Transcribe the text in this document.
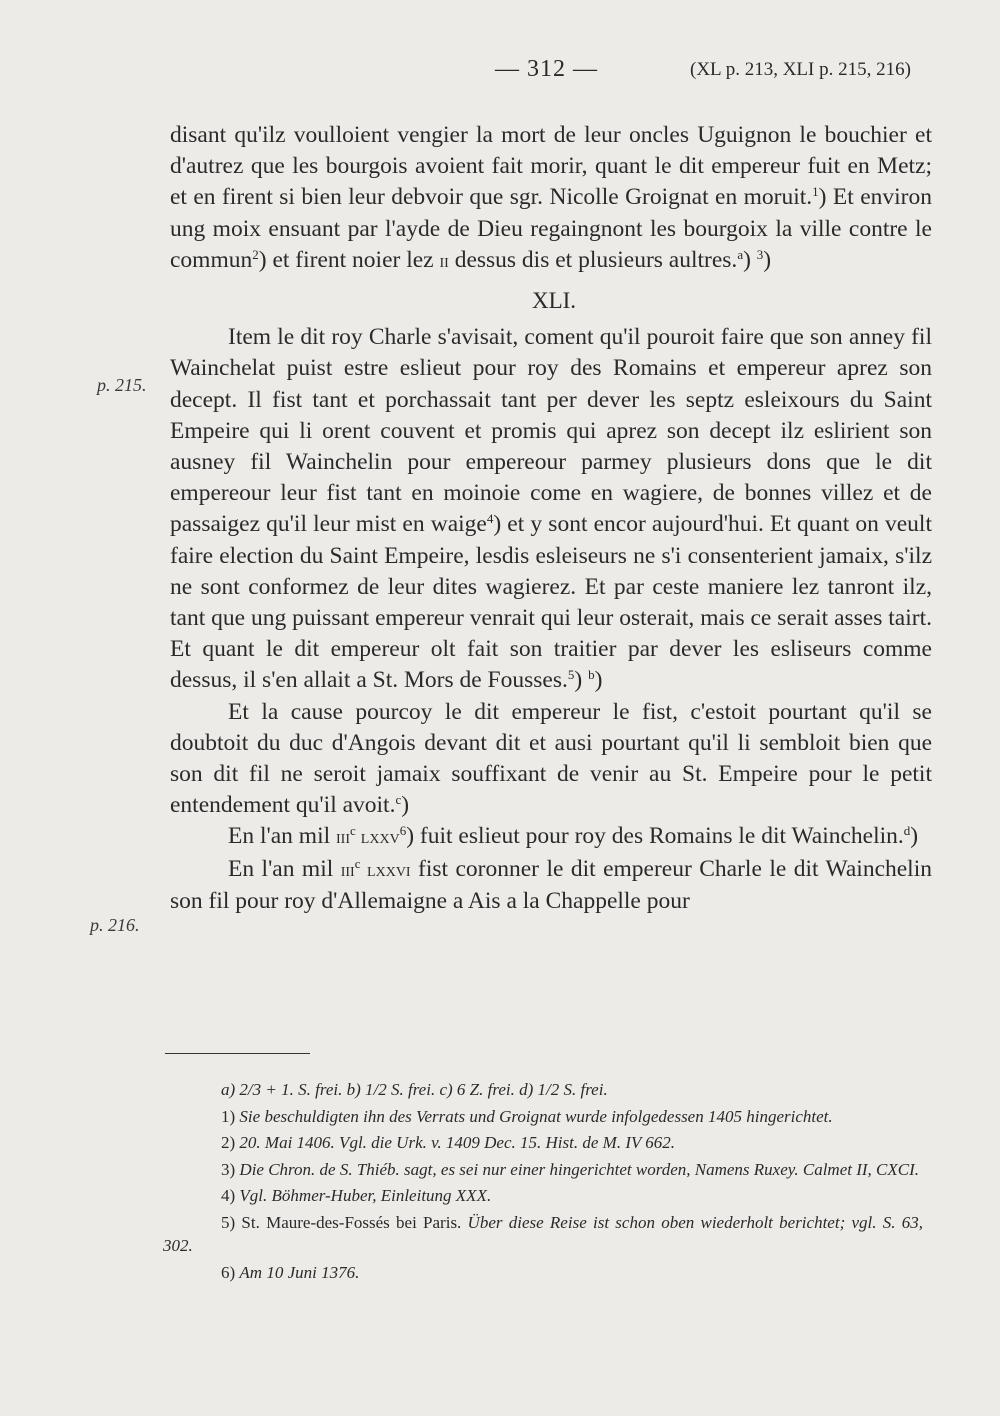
— 312 —	(XL p. 213, XLI p. 215, 216)
p. 215.
p. 216.

disant qu'ilz voulloient vengier la mort de leur oncles Uguignon le bouchier et d'autrez que les bourgois avoient fait morir, quant le dit empereur fuit en Metz; et en firent si bien leur debvoir que sgr. Nicolle Groignat en moruit.$^1$) Et environ ung moix ensuant par l'ayde de Dieu regaingnont les bourgoix la ville contre le commun$^2$) et firent noier lez ii dessus dis et plusieurs aultres.$^a$) $^3$)

XLI.

Item le dit roy Charle s'avisait, coment qu'il pouroit faire que son anney fil Wainchelat puist estre eslieut pour roy des Romains et empereur aprez son decept. Il fist tant et porchassait tant per dever les septz esleixours du Saint Empeire qui li orent couvent et promis qui aprez son decept ilz eslirient son ausney fil Wainchelin pour empereour parmey plusieurs dons que le dit empereour leur fist tant en moinoie come en wagiere, de bonnes villez et de passaigez qu'il leur mist en waige$^4$) et y sont encor aujourd'hui. Et quant on veult faire election du Saint Empeire, lesdis esleiseurs ne s'i consenterient jamaix, s'ilz ne sont conformez de leur dites wagierez. Et par ceste maniere lez tanront ilz, tant que ung puissant empereur venrait qui leur osterait, mais ce serait asses tairt. Et quant le dit empereur olt fait son traitier par dever les esliseurs comme dessus, il s'en allait a St. Mors de Fousses.$^5$) $^b$)

Et la cause pourcoy le dit empereur le fist, c'estoit pourtant qu'il se doubtoit du duc d'Angois devant dit et ausi pourtant qu'il li sembloit bien que son dit fil ne seroit jamaix souffixant de venir au St. Empeire pour le petit entendement qu'il avoit.$^c$)

En l'an mil iii$^c$ lxxv$^6$) fuit eslieut pour roy des Romains le dit Wainchelin.$^d$)

En l'an mil iii$^c$ lxxvi fist coronner le dit empereur Charle le dit Wainchelin son fil pour roy d'Allemaigne a Ais a la Chappelle pour

a) 2/3 + 1. S. frei. b) 1/2 S. frei. c) 6 Z. frei. d) 1/2 S. frei.

1) Sie beschuldigten ihn des Verrats und Groignat wurde infolgedessen 1405 hingerichtet.

2) 20. Mai 1406. Vgl. die Urk. v. 1409 Dec. 15. Hist. de M. IV 662.

3) Die Chron. de S. Thiéb. sagt, es sei nur einer hingerichtet worden, Namens Ruxey. Calmet II, CXCI.

4) Vgl. Böhmer-Huber, Einleitung XXX.

5) St. Maure-des-Fossés bei Paris. Über diese Reise ist schon oben wiederholt berichtet; vgl. S. 63, 302.

6) Am 10 Juni 1376.
